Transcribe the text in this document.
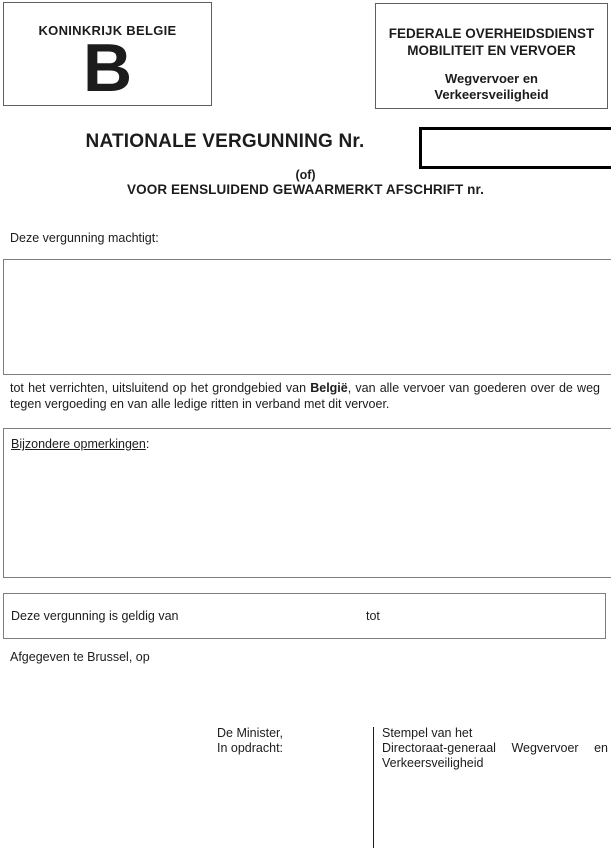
KONINKRIJK BELGIE
B	FEDERALE OVERHEIDSDIENST
MOBILITEIT EN VERVOER
Wegvervoer en
Verkeersveiligheid
NATIONALE VERGUNNING Nr.
(of)
VOOR EENSLUIDEND GEWAARMERKT AFSCHRIFT nr.
Deze vergunning machtigt:

tot het verrichten, uitsluitend op het grondgebied van België, van alle vervoer van goederen over de weg tegen vergoeding en van alle ledige ritten in verband met dit vervoer.

Bijzondere opmerkingen:
Deze vergunning is geldig van	tot
Afgegeven te Brussel, op
De Minister,
In opdracht:
Stempel van het
Directoraat-generaal Wegvervoer en Verkeersveiligheid
